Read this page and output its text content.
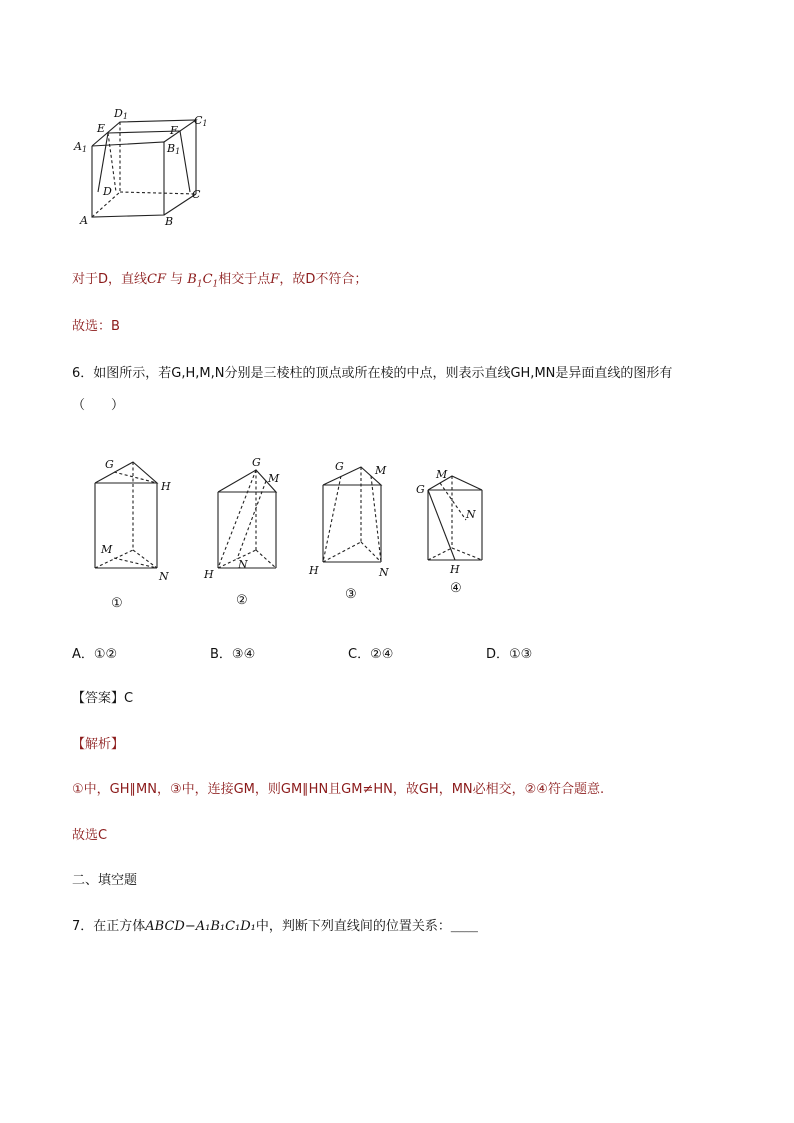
D1	C1
E	F
A1	B1
D	C
A	B
对于D，直线CF 与 $B_1C_1$相交于点F，故D不符合；
故选：B
6．如图所示，若G,H,M,N分别是三棱柱的顶点或所在棱的中点，则表示直线GH,MN是异面直线的图形有
（　　）
G
H
M
N
①
G
M
H
N
②
G	M
H	N
③
M
G
N
H
④
A．①②	B．③④	C．②④	D．①③
【答案】C
【解析】
①中，GH∥MN，③中，连接GM，则GM∥HN且GM≠HN，故GH，MN必相交，②④符合题意.
故选C
二、填空题
7．在正方体ABCD−A₁B₁C₁D₁中，判断下列直线间的位置关系：______
